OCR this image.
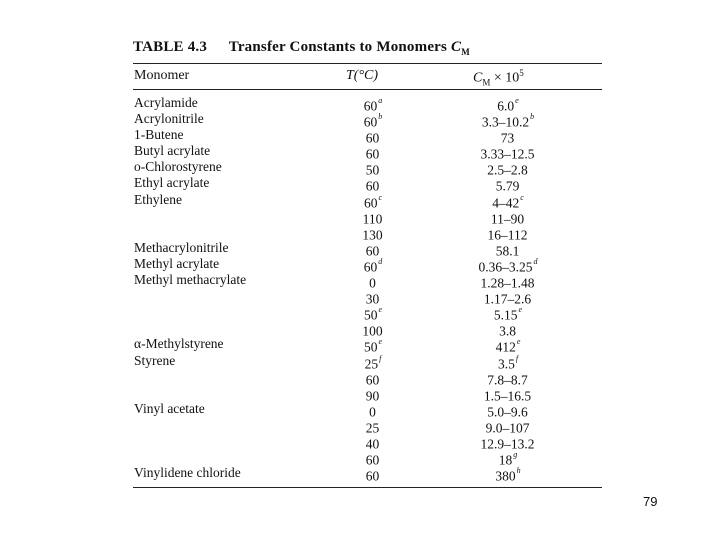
TABLE 4.3 Transfer Constants to Monomers $C_M$
Monomer	T(°C)	$C_M \times 10^5$
Acrylamide	60$^a$	6.0e
Acrylonitrile	60$^b$	3.3–10.2$^b$
1-Butene	60	73
Butyl acrylate	60	3.33–12.5
o-Chlorostyrene	50	2.5–2.8
Ethyl acrylate	60	5.79
Ethylene	60$^c$	4–42$^c$
110	11–90
130	16–112
Methacrylonitrile	60	58.1
Methyl acrylate	60$^d$	0.36–3.25$^d$
Methyl methacrylate	0	1.28–1.48
30	1.17–2.6
50e	5.15e
100	3.8
α-Methylstyrene	50e	412e
Styrene	25$^f$	3.5$^f$
60	7.8–8.7
90	1.5–16.5
Vinyl acetate	0	5.0–9.6
25	9.0–107
40	12.9–13.2
60	18$^g$
Vinylidene chloride	60	380$^h$
79
